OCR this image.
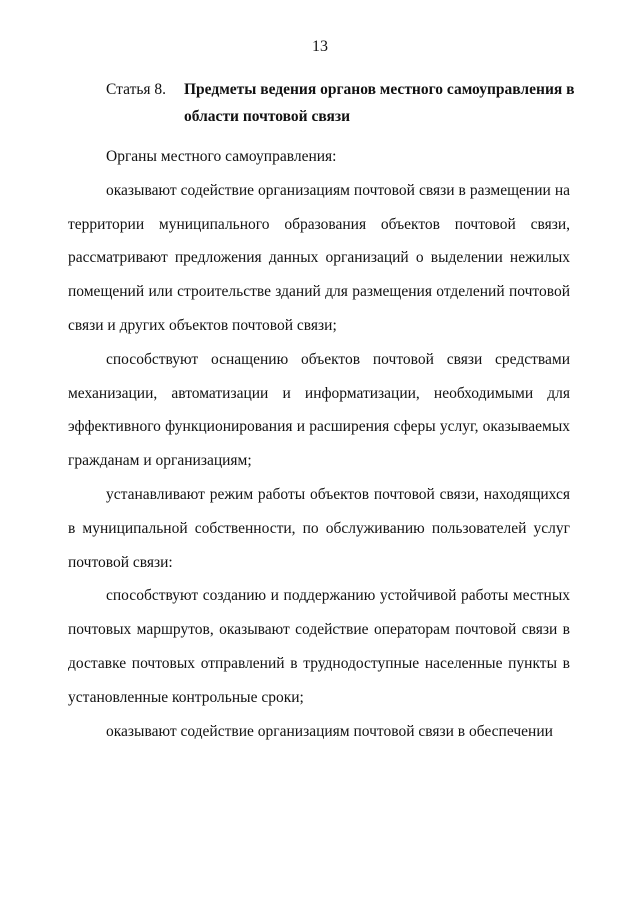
13
Статья 8. Предметы ведения органов местного самоуправления в области почтовой связи

Органы местного самоуправления:

оказывают содействие организациям почтовой связи в размещении на территории муниципального образования объектов почтовой связи, рассматривают предложения данных организаций о выделении нежилых помещений или строительстве зданий для размещения отделений почтовой связи и других объектов почтовой связи;

способствуют оснащению объектов почтовой связи средствами механизации, автоматизации и информатизации, необходимыми для эффективного функционирования и расширения сферы услуг, оказываемых гражданам и организациям;

устанавливают режим работы объектов почтовой связи, находящихся в муниципальной собственности, по обслуживанию пользователей услуг почтовой связи:

способствуют созданию и поддержанию устойчивой работы местных почтовых маршрутов, оказывают содействие операторам почтовой связи в доставке почтовых отправлений в труднодоступные населенные пункты в установленные контрольные сроки;

оказывают содействие организациям почтовой связи в обеспечении
